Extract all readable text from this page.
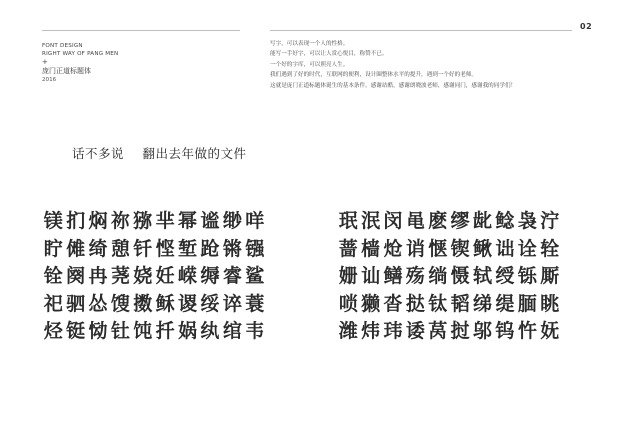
02
FONT DESIGN
RIGHT WAY OF PANG MEN
+
庞门正道标题体
2016
写字，可以表现一个人的性格。
能写一手好字，可以让人赏心悦目，称赞不已。
一个好的字库，可以照亮人生。
我们遇到了好的时代，互联网的便利，设计圈整体水平的提升，遇到一个好的老师。
这就是庞门正道标题体诞生的基本条件。感谢站酷，感谢朗晓波老师，感谢同门，感谢我的同学们！
话不多说 翻出去年做的文件
镁 扪 焖 祢 猕 芈 幂 谧 缈 咩
眝 傩 绮 憩 钎 悭 堑 跄 锵 镪
铨 阕 冉 荛 娆 妊 嵘 缛 睿 鲨
祀 驷 怂 馊 擞 稣 谡 绥 谇 蓑
烃 铤 恸 钍 饨 扦 娲 纨 绾 韦
珉 泯 闵 黾 麽 缪 龀 鲶 袅 泞
蔷 樯 炝 诮 惬 锲 鳅 诎 诠 辁
姗 讪 鳝 殇 绱 慑 轼 绶 铄 厮
唢 獭 沓 挞 钛 韬 绨 缇 腼 眺
潍 炜 玮 诿 莴 挝 邬 钨 忤 妩
